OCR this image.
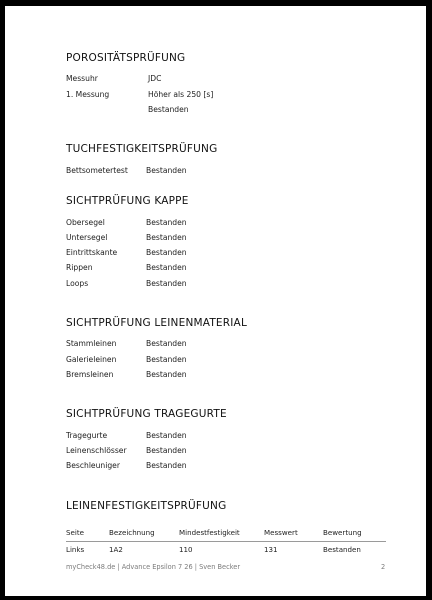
POROSITÄTSPRÜFUNG
Messuhr	JDC
1. Messung	Höher als 250 [s]
Bestanden
TUCHFESTIGKEITSPRÜFUNG
Bettsometertest Bestanden
SICHTPRÜFUNG KAPPE
Obersegel	Bestanden
Untersegel	Bestanden
Eintrittskante	Bestanden
Rippen	Bestanden
Loops	Bestanden
SICHTPRÜFUNG LEINENMATERIAL
Stammleinen	Bestanden
Galerieleinen	Bestanden
Bremsleinen	Bestanden
SICHTPRÜFUNG TRAGEGURTE
Tragegurte	Bestanden
Leinenschlösser	Bestanden
Beschleuniger	Bestanden
LEINENFESTIGKEITSPRÜFUNG
Seite	Bezeichnung	Mindestfestigkeit	Messwert	Bewertung
Links	1A2	110	131	Bestanden
myCheck48.de | Advance Epsilon 7 26 | Sven Becker	2
